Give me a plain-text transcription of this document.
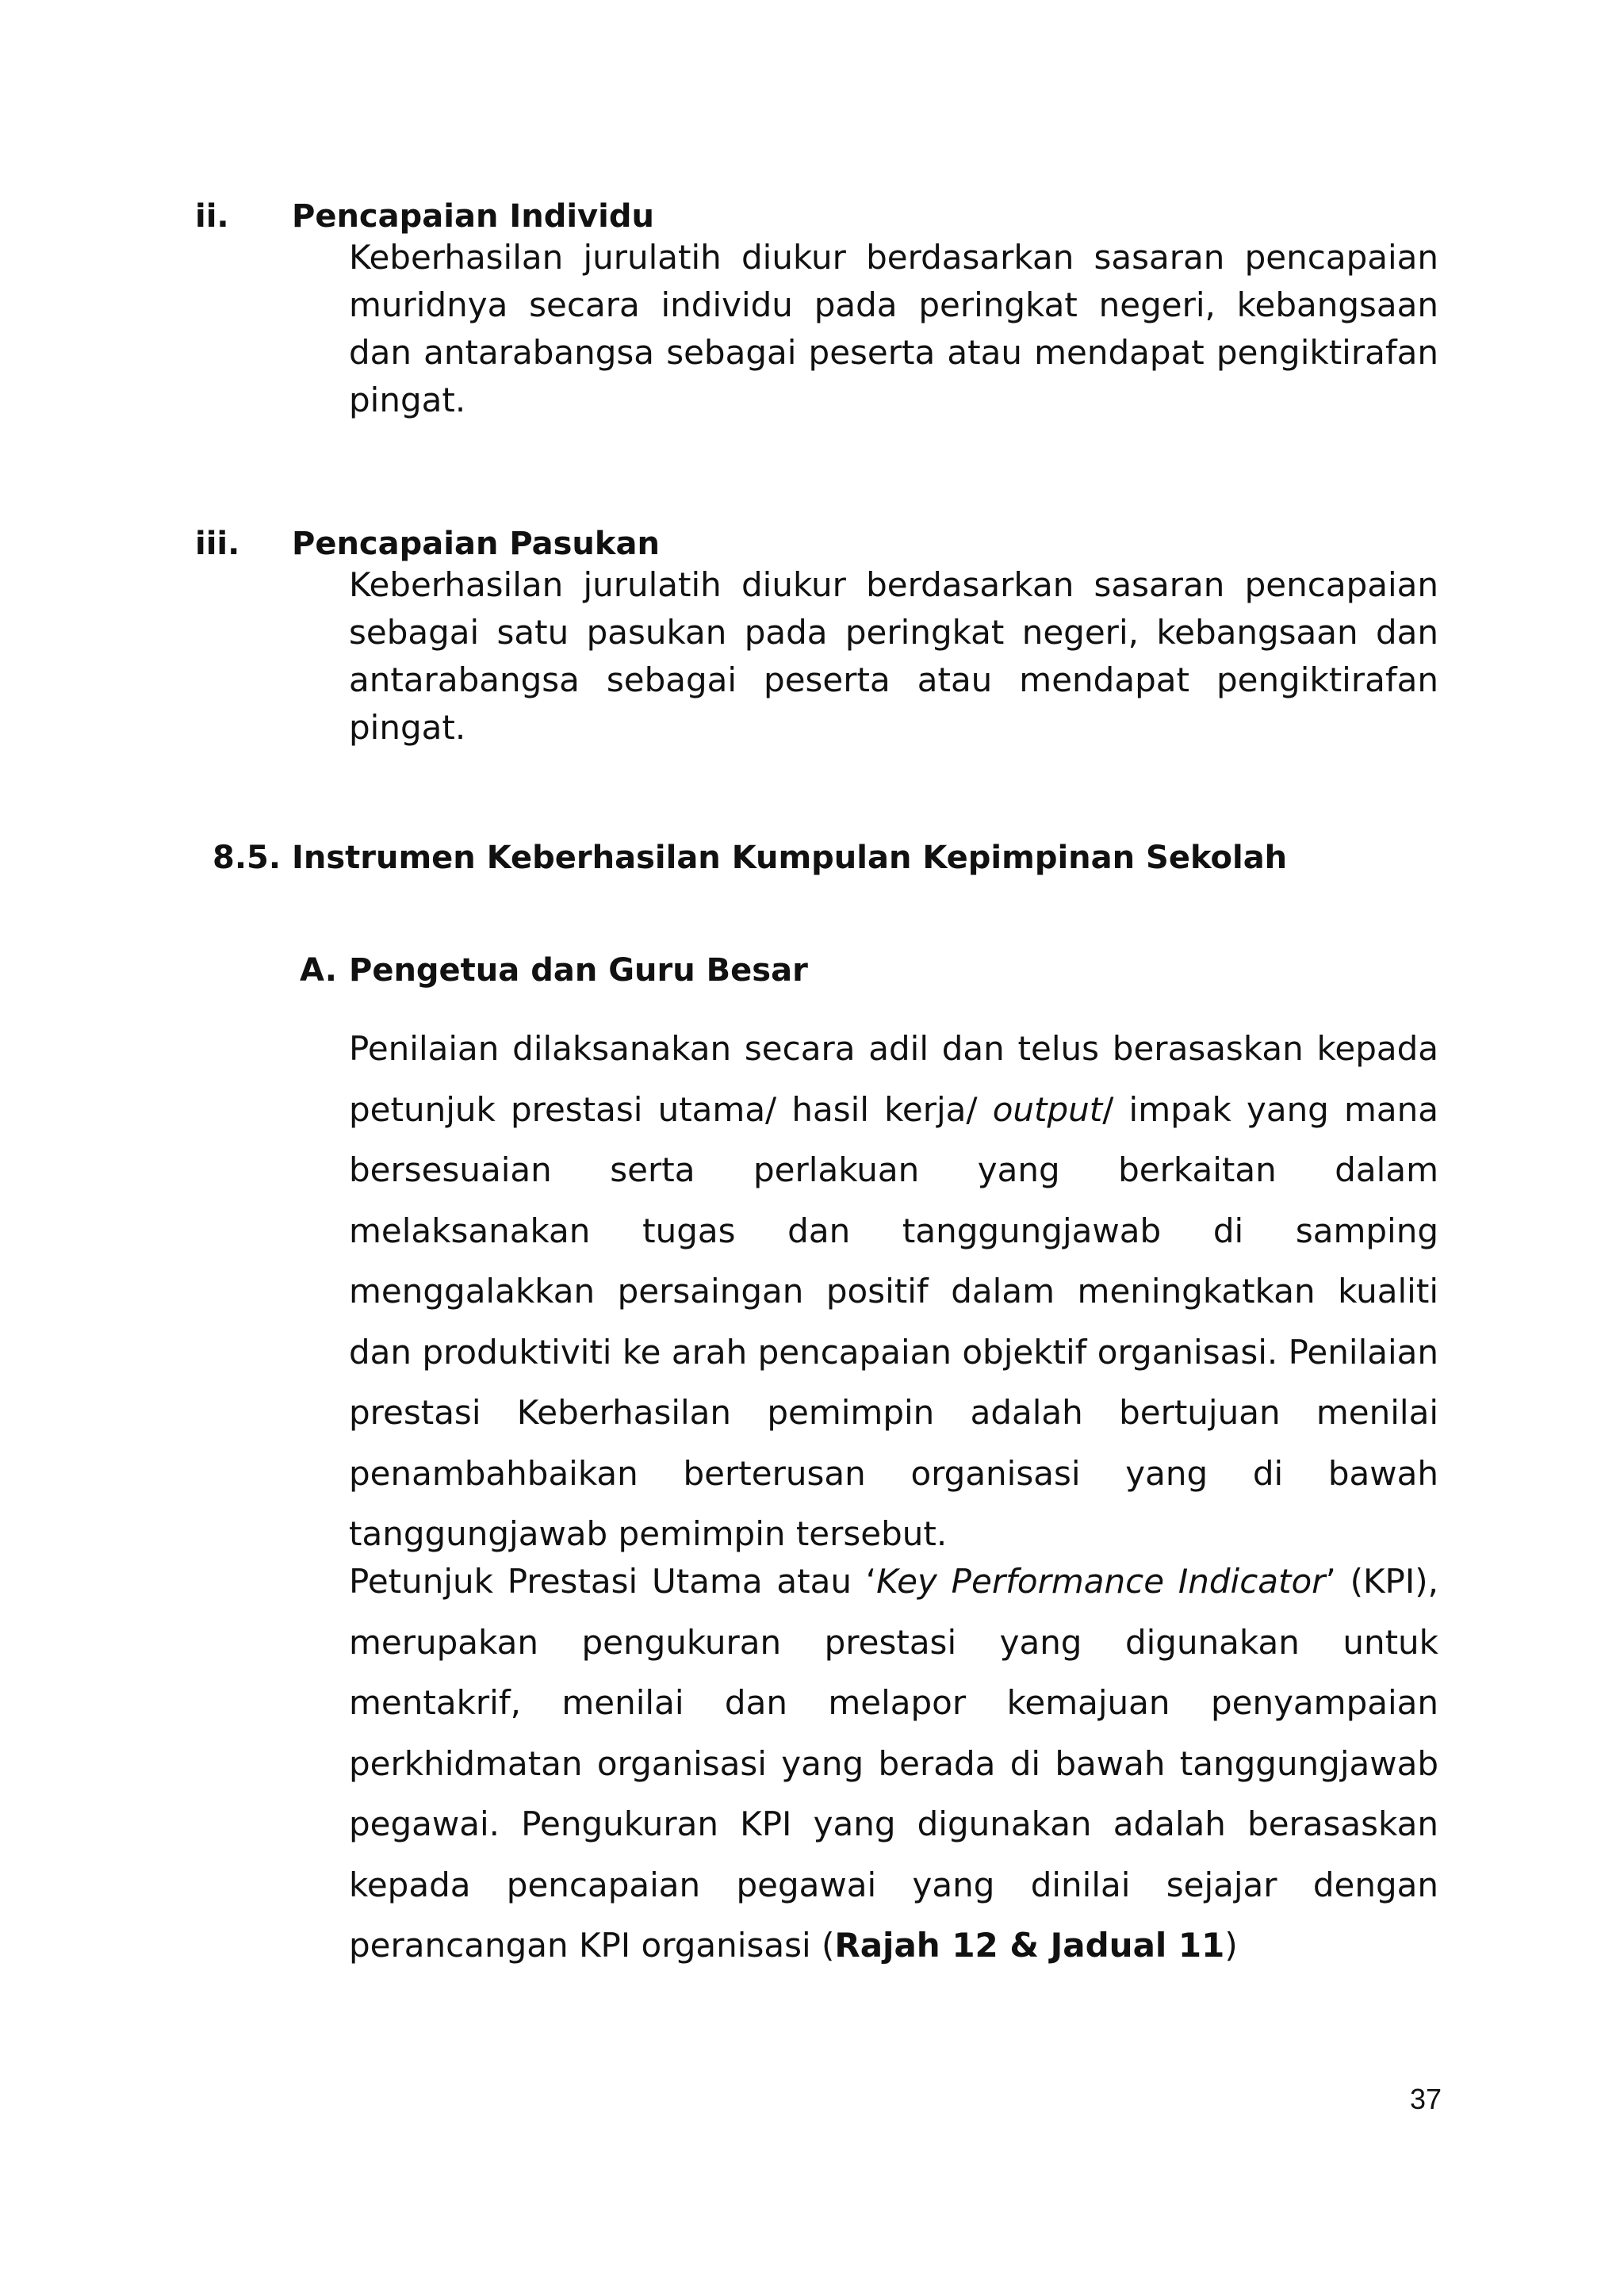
ii. Pencapaian Individu

Keberhasilan jurulatih diukur berdasarkan sasaran pencapaian muridnya secara individu pada peringkat negeri, kebangsaan dan antarabangsa sebagai peserta atau mendapat pengiktirafan pingat.

iii. Pencapaian Pasukan

Keberhasilan jurulatih diukur berdasarkan sasaran pencapaian sebagai satu pasukan pada peringkat negeri, kebangsaan dan antarabangsa sebagai peserta atau mendapat pengiktirafan pingat.

8.5. Instrumen Keberhasilan Kumpulan Kepimpinan Sekolah
A. Pengetua dan Guru Besar

Penilaian dilaksanakan secara adil dan telus berasaskan kepada petunjuk prestasi utama/ hasil kerja/ output/ impak yang mana bersesuaian serta perlakuan yang berkaitan dalam melaksanakan tugas dan tanggungjawab di samping menggalakkan persaingan positif dalam meningkatkan kualiti dan produktiviti ke arah pencapaian objektif organisasi. Penilaian prestasi Keberhasilan pemimpin adalah bertujuan menilai penambahbaikan berterusan organisasi yang di bawah tanggungjawab pemimpin tersebut.

Petunjuk Prestasi Utama atau ‘Key Performance Indicator’ (KPI), merupakan pengukuran prestasi yang digunakan untuk mentakrif, menilai dan melapor kemajuan penyampaian perkhidmatan organisasi yang berada di bawah tanggungjawab pegawai. Pengukuran KPI yang digunakan adalah berasaskan kepada pencapaian pegawai yang dinilai sejajar dengan perancangan KPI organisasi (Rajah 12 & Jadual 11)

37
